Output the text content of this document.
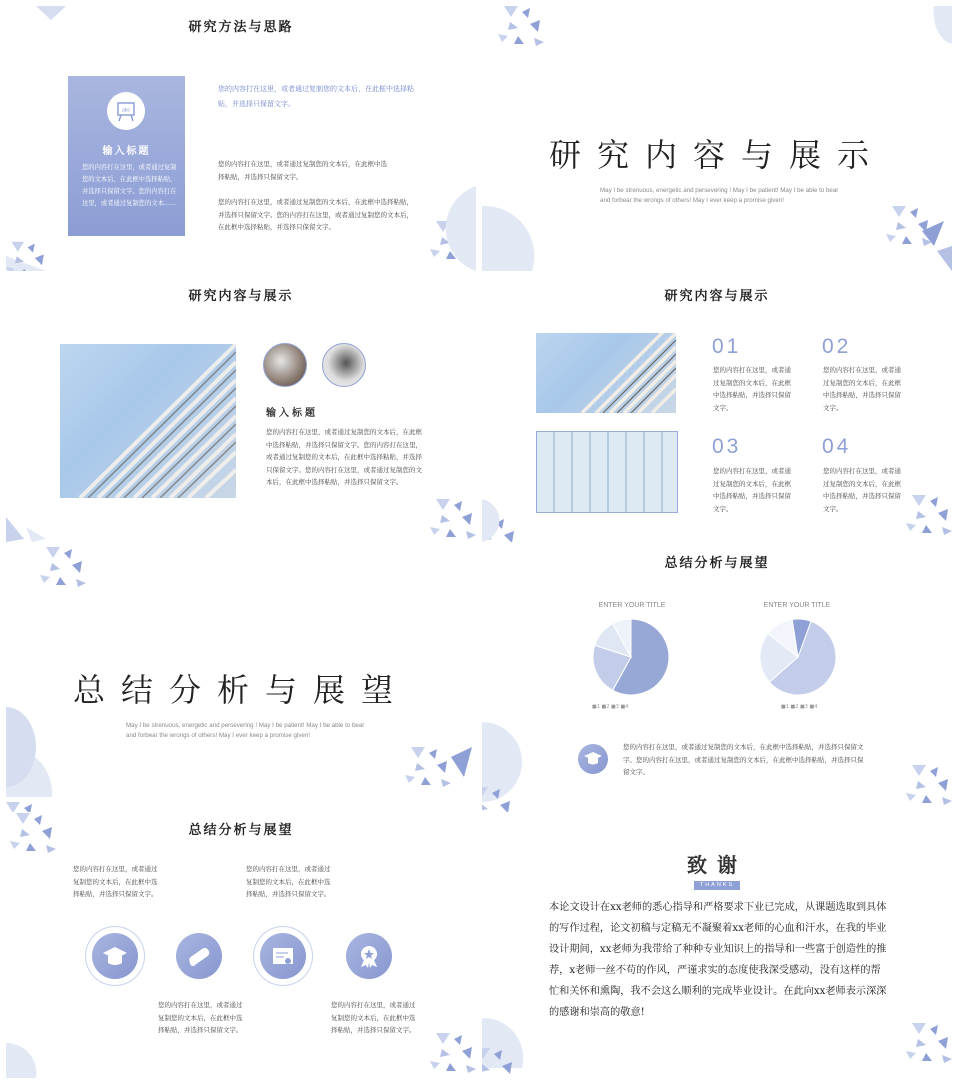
研究方法与思路
abc
输入标题
您的内容打在这里，或者通过复制您的文本后，在此框中选择粘贴，并选择只保留文字。您的内容打在这里，或者通过复制您的文本......
您的内容打在这里，或者通过复制您的文本后，在此框中选择粘贴，并选择只保留文字。
您的内容打在这里，或者通过复制您的文本后，在此框中选择粘贴，并选择只保留文字。
您的内容打在这里，或者通过复制您的文本后，在此框中选择粘贴，并选择只保留文字。您的内容打在这里，或者通过复制您的文本后，在此框中选择粘贴，并选择只保留文字。
研究内容与展示
May I be strenuous, energetic and persevering ! May I be patient! May I be able to bear and forbear the wrongs of others! May I ever keep a promise given!
研究内容与展示
输入标题
您的内容打在这里，或者通过复制您的文本后，在此框中选择粘贴，并选择只保留文字。您的内容打在这里，或者通过复制您的文本后，在此框中选择粘贴，并选择只保留文字。您的内容打在这里，或者通过复制您的文本后，在此框中选择粘贴，并选择只保留文字。
研究内容与展示
01
您的内容打在这里，或者通过复制您的文本后，在此框中选择粘贴，并选择只保留文字。
02
您的内容打在这里，或者通过复制您的文本后，在此框中选择粘贴，并选择只保留文字。
03
您的内容打在这里，或者通过复制您的文本后，在此框中选择粘贴，并选择只保留文字。
04
您的内容打在这里，或者通过复制您的文本后，在此框中选择粘贴，并选择只保留文字。
总结分析与展望
May I be strenuous, energetic and persevering ! May I be patient! May I be able to bear and forbear the wrongs of others! May I ever keep a promise given!
总结分析与展望
ENTER YOUR TITLE	ENTER YOUR TITLE
■1 ■2 ■3 ■4	■1 ■2 ■3 ■4
您的内容打在这里，或者通过复制您的文本后，在此框中选择粘贴，并选择只保留文字。您的内容打在这里，或者通过复制您的文本后，在此框中选择粘贴，并选择只保留文字。
总结分析与展望
您的内容打在这里，或者通过复制您的文本后，在此框中选择粘贴，并选择只保留文字。
您的内容打在这里，或者通过复制您的文本后，在此框中选择粘贴，并选择只保留文字。
您的内容打在这里，或者通过复制您的文本后，在此框中选择粘贴，并选择只保留文字。
您的内容打在这里，或者通过复制您的文本后，在此框中选择粘贴，并选择只保留文字。
致谢
THANKS
本论文设计在xx老师的悉心指导和严格要求下业已完成，从课题选取到具体的写作过程，论文初稿与定稿无不凝聚着xx老师的心血和汗水，在我的毕业设计期间，xx老师为我带给了种种专业知识上的指导和一些富于创造性的推荐，x老师一丝不苟的作风，严谨求实的态度使我深受感动，没有这样的帮忙和关怀和熏陶，我不会这么顺利的完成毕业设计。在此向xx老师表示深深的感谢和崇高的敬意!
